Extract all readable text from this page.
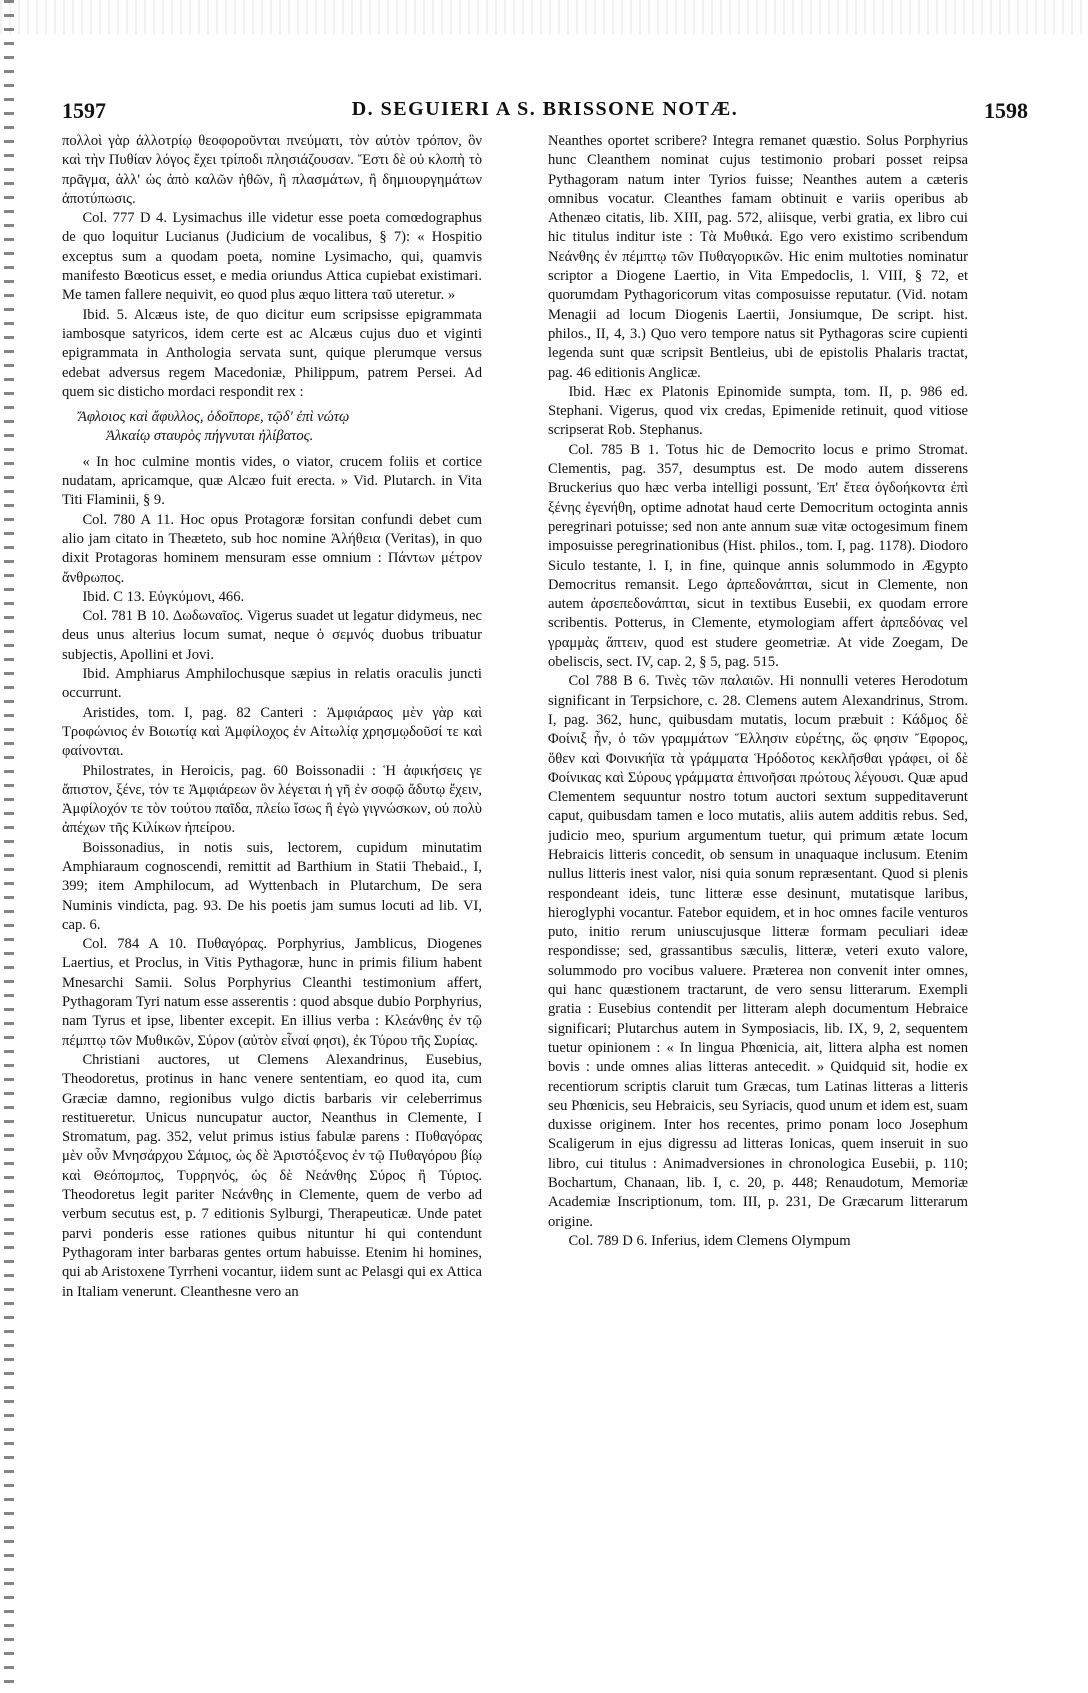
1597	D. SEGUIERI A S. BRISSONE NOTÆ.	1598

πολλοὶ γὰρ ἀλλοτρίῳ θεοφοροῦνται πνεύματι, τὸν αὐτὸν τρόπον, ὃν καὶ τὴν Πυθίαν λόγος ἔχει τρίποδι πλησιάζουσαν. Ἔστι δὲ οὐ κλοπὴ τὸ πρᾶγμα, ἀλλ' ὡς ἀπὸ καλῶν ἠθῶν, ἢ πλασμάτων, ἢ δημιουργημάτων ἀποτύπωσις.

Col. 777 D 4. Lysimachus ille videtur esse poeta comœdographus de quo loquitur Lucianus (Judicium de vocalibus, § 7): « Hospitio exceptus sum a quodam poeta, nomine Lysimacho, qui, quamvis manifesto Bœoticus esset, e media oriundus Attica cupiebat existimari. Me tamen fallere nequivit, eo quod plus æquo littera ταῦ uteretur. »

Ibid. 5. Alcæus iste, de quo dicitur eum scripsisse epigrammata iambosque satyricos, idem certe est ac Alcæus cujus duo et viginti epigrammata in Anthologia servata sunt, quique plerumque versus edebat adversus regem Macedoniæ, Philippum, patrem Persei. Ad quem sic disticho mordaci respondit rex :

Ἄφλοιος καὶ ἄφυλλος, ὁδοῖπορε, τῷδ' ἐπὶ νώτῳ

Ἀλκαίῳ σταυρὸς πήγνυται ἠλίβατος.

« In hoc culmine montis vides, o viator, crucem foliis et cortice nudatam, apricamque, quæ Alcæo fuit erecta. » Vid. Plutarch. in Vita Titi Flaminii, § 9.

Col. 780 A 11. Hoc opus Protagoræ forsitan confundi debet cum alio jam citato in Theæteto, sub hoc nomine Ἀλήθεια (Veritas), in quo dixit Protagoras hominem mensuram esse omnium : Πάντων μέτρον ἄνθρωπος.

Ibid. C 13. Εὐγκύμονι, 466.

Col. 781 B 10. Δωδωναῖος. Vigerus suadet ut legatur didymeus, nec deus unus alterius locum sumat, neque ὁ σεμνός duobus tribuatur subjectis, Apollini et Jovi.

Ibid. Amphiarus Amphilochusque sæpius in relatis oraculis juncti occurrunt.

Aristides, tom. I, pag. 82 Canteri : Ἀμφιάραος μὲν γὰρ καὶ Τροφώνιος ἐν Βοιωτίᾳ καὶ Ἀμφίλοχος ἐν Αἰτωλίᾳ χρησμῳδοῦσί τε καὶ φαίνονται.

Philostrates, in Heroicis, pag. 60 Boissonadii : Ἡ ἀφικήσεις γε ἄπιστον, ξένε, τόν τε Ἀμφιάρεων ὃν λέγεται ἡ γῆ ἐν σοφῷ ἄδυτῳ ἔχειν, Ἀμφίλοχόν τε τὸν τούτου παῖδα, πλείω ἴσως ἢ ἐγὼ γιγνώσκων, οὐ πολὺ ἀπέχων τῆς Κιλίκων ἠπείρου.

Boissonadius, in notis suis, lectorem, cupidum minutatim Amphiaraum cognoscendi, remittit ad Barthium in Statii Thebaid., I, 399; item Amphilocum, ad Wyttenbach in Plutarchum, De sera Numinis vindicta, pag. 93. De his poetis jam sumus locuti ad lib. VI, cap. 6.

Col. 784 A 10. Πυθαγόρας. Porphyrius, Jamblicus, Diogenes Laertius, et Proclus, in Vitis Pythagoræ, hunc in primis filium habent Mnesarchi Samii. Solus Porphyrius Cleanthi testimonium affert, Pythagoram Tyri natum esse asserentis : quod absque dubio Porphyrius, nam Tyrus et ipse, libenter excepit. En illius verba : Κλεάνθης ἐν τῷ πέμπτῳ τῶν Μυθικῶν, Σύρον (αὐτὸν εἶναί φησι), ἐκ Τύρου τῆς Συρίας.

Christiani auctores, ut Clemens Alexandrinus, Eusebius, Theodoretus, protinus in hanc venere sententiam, eo quod ita, cum Græciæ damno, regionibus vulgo dictis barbaris vir celeberrimus restitueretur. Unicus nuncupatur auctor, Neanthus in Clemente, I Stromatum, pag. 352, velut primus istius fabulæ parens : Πυθαγόρας μὲν οὖν Μνησάρχου Σάμιος, ὡς δὲ Ἀριστόξενος ἐν τῷ Πυθαγόρου βίῳ καὶ Θεόπομπος, Τυρρηνός, ὡς δὲ Νεάνθης Σύρος ἢ Τύριος. Theodoretus legit pariter Νεάνθης in Clemente, quem de verbo ad verbum secutus est, p. 7 editionis Sylburgi, Therapeuticæ. Unde patet parvi ponderis esse rationes quibus nituntur hi qui contendunt Pythagoram inter barbaras gentes ortum habuisse. Etenim hi homines, qui ab Aristoxene Tyrrheni vocantur, iidem sunt ac Pelasgi qui ex Attica in Italiam venerunt. Cleanthesne vero an

Neanthes oportet scribere? Integra remanet quæstio. Solus Porphyrius hunc Cleanthem nominat cujus testimonio probari posset reipsa Pythagoram natum inter Tyrios fuisse; Neanthes autem a cæteris omnibus vocatur. Cleanthes famam obtinuit e variis operibus ab Athenæo citatis, lib. XIII, pag. 572, aliisque, verbi gratia, ex libro cui hic titulus inditur iste : Τὰ Μυθικά. Ego vero existimo scribendum Νεάνθης ἐν πέμπτῳ τῶν Πυθαγορικῶν. Hic enim multoties nominatur scriptor a Diogene Laertio, in Vita Empedoclis, l. VIII, § 72, et quorumdam Pythagoricorum vitas composuisse reputatur. (Vid. notam Menagii ad locum Diogenis Laertii, Jonsiumque, De script. hist. philos., II, 4, 3.) Quo vero tempore natus sit Pythagoras scire cupienti legenda sunt quæ scripsit Bentleius, ubi de epistolis Phalaris tractat, pag. 46 editionis Anglicæ.

Ibid. Hæc ex Platonis Epinomide sumpta, tom. II, p. 986 ed. Stephani. Vigerus, quod vix credas, Epimenide retinuit, quod vitiose scripserat Rob. Stephanus.

Col. 785 B 1. Totus hic de Democrito locus e primo Stromat. Clementis, pag. 357, desumptus est. De modo autem disserens Bruckerius quo hæc verba intelligi possunt, Ἐπ' ἔτεα ὀγδοήκοντα ἐπὶ ξένης ἐγενήθη, optime adnotat haud certe Democritum octoginta annis peregrinari potuisse; sed non ante annum suæ vitæ octogesimum finem imposuisse peregrinationibus (Hist. philos., tom. I, pag. 1178). Diodoro Siculo testante, l. I, in fine, quinque annis solummodo in Ægypto Democritus remansit. Lego ἀρπεδονάπται, sicut in Clemente, non autem ἀρσεπεδονάπται, sicut in textibus Eusebii, ex quodam errore scribentis. Potterus, in Clemente, etymologiam affert ἁρπεδόνας vel γραμμὰς ἅπτειν, quod est studere geometriæ. At vide Zoegam, De obeliscis, sect. IV, cap. 2, § 5, pag. 515.

Col 788 B 6. Τινὲς τῶν παλαιῶν. Hi nonnulli veteres Herodotum significant in Terpsichore, c. 28. Clemens autem Alexandrinus, Strom. I, pag. 362, hunc, quibusdam mutatis, locum præbuit : Κάδμος δὲ Φοίνιξ ἦν, ὁ τῶν γραμμάτων Ἕλλησιν εὑρέτης, ὥς φησιν Ἔφορος, ὅθεν καὶ Φοινικήϊα τὰ γράμματα Ἡρόδοτος κεκλῆσθαι γράφει, οἱ δὲ Φοίνικας καὶ Σύρους γράμματα ἐπινοῆσαι πρώτους λέγουσι. Quæ apud Clementem sequuntur nostro totum auctori sextum suppeditaverunt caput, quibusdam tamen e loco mutatis, aliis autem additis rebus. Sed, judicio meo, spurium argumentum tuetur, qui primum ætate locum Hebraicis litteris concedit, ob sensum in unaquaque inclusum. Etenim nullus litteris inest valor, nisi quia sonum repræsentant. Quod si plenis respondeant ideis, tunc litteræ esse desinunt, mutatisque laribus, hieroglyphi vocantur. Fatebor equidem, et in hoc omnes facile venturos puto, initio rerum uniuscujusque litteræ formam peculiari ideæ respondisse; sed, grassantibus sæculis, litteræ, veteri exuto valore, solummodo pro vocibus valuere. Præterea non convenit inter omnes, qui hanc quæstionem tractarunt, de vero sensu litterarum. Exempli gratia : Eusebius contendit per litteram aleph documentum Hebraice significari; Plutarchus autem in Symposiacis, lib. IX, 9, 2, sequentem tuetur opinionem : « In lingua Phœnicia, ait, littera alpha est nomen bovis : unde omnes alias litteras antecedit. » Quidquid sit, hodie ex recentiorum scriptis claruit tum Græcas, tum Latinas litteras a litteris seu Phœnicis, seu Hebraicis, seu Syriacis, quod unum et idem est, suam duxisse originem. Inter hos recentes, primo ponam loco Josephum Scaligerum in ejus digressu ad litteras Ionicas, quem inseruit in suo libro, cui titulus : Animadversiones in chronologica Eusebii, p. 110; Bochartum, Chanaan, lib. I, c. 20, p. 448; Renaudotum, Memoriæ Academiæ Inscriptionum, tom. III, p. 231, De Græcarum litterarum origine.

Col. 789 D 6. Inferius, idem Clemens Olympum
